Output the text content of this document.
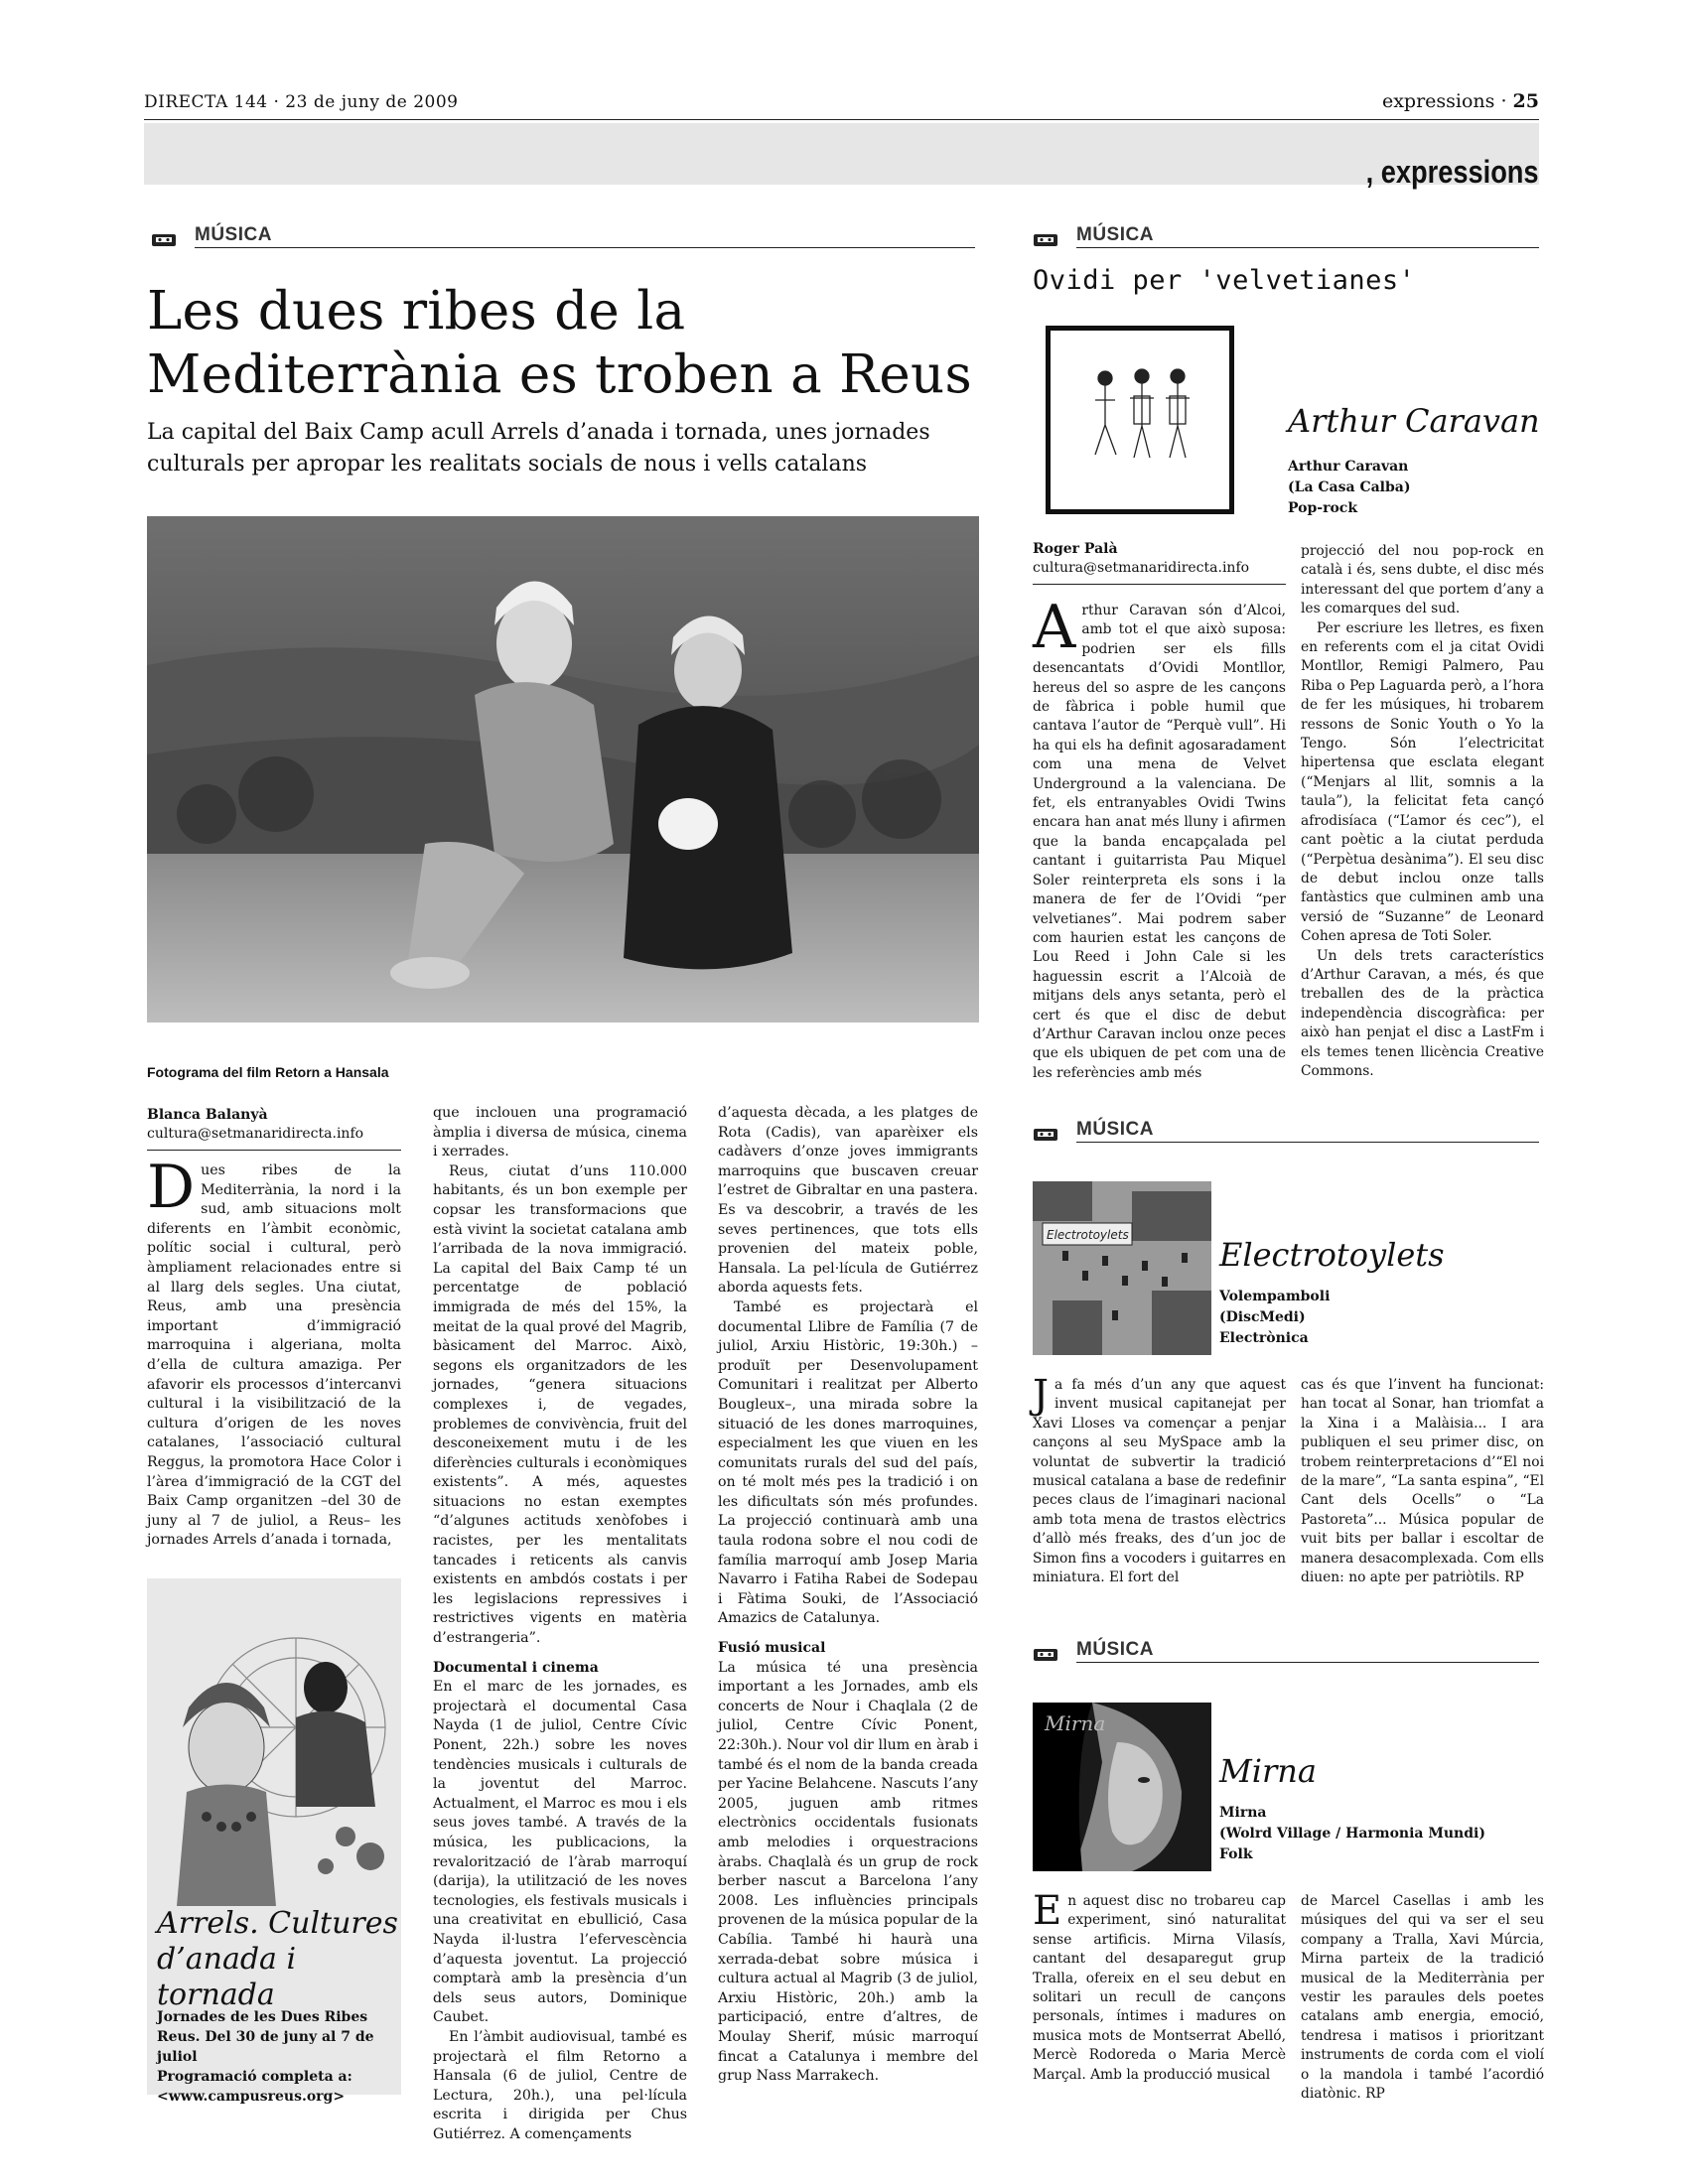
DIRECTA 144 · 23 de juny de 2009	expressions · 25
, expressions
MÚSICA	MÚSICA
MÚSICA
MÚSICA
Les dues ribes de la Mediterrània es troben a Reus
La capital del Baix Camp acull Arrels d’anada i tornada, unes jornades culturals per apropar les realitats socials de nous i vells catalans
Fotograma del film Retorn a Hansala
Blanca Balanyà
cultura@setmanaridirecta.info

Dues ribes de la Mediterrània, la nord i la sud, amb situacions molt diferents en l’àmbit econòmic, polític social i cultural, però àmpliament relacionades entre si al llarg dels segles. Una ciutat, Reus, amb una presència important d’immigració marroquina i algeriana, molta d’ella de cultura amaziga. Per afavorir els processos d’intercanvi cultural i la visibilització de la cultura d’origen de les noves catalanes, l’associació cultural Reggus, la promotora Hace Color i l’àrea d’immigració de la CGT del Baix Camp organitzen –del 30 de juny al 7 de juliol, a Reus– les jornades Arrels d’anada i tornada,

que inclouen una programació àmplia i diversa de música, cinema i xerrades.

Reus, ciutat d’uns 110.000 habitants, és un bon exemple per copsar les transformacions que està vivint la societat catalana amb l’arribada de la nova immigració. La capital del Baix Camp té un percentatge de població immigrada de més del 15%, la meitat de la qual prové del Magrib, bàsicament del Marroc. Això, segons els organitzadors de les jornades, “genera situacions complexes i, de vegades, problemes de convivència, fruit del desconeixement mutu i de les diferències culturals i econòmiques existents”. A més, aquestes situacions no estan exemptes “d’algunes actituds xenòfobes i racistes, per les mentalitats tancades i reticents als canvis existents en ambdós costats i per les legislacions repressives i restrictives vigents en matèria d’estrangeria”.

Documental i cinema

En el marc de les jornades, es projectarà el documental Casa Nayda (1 de juliol, Centre Cívic Ponent, 22h.) sobre les noves tendències musicals i culturals de la joventut del Marroc. Actualment, el Marroc es mou i els seus joves també. A través de la música, les publicacions, la revalorització de l’àrab marroquí (darija), la utilització de les noves tecnologies, els festivals musicals i una creativitat en ebullició, Casa Nayda il·lustra l’efervescència d’aquesta joventut. La projecció comptarà amb la presència d’un dels seus autors, Dominique Caubet.

En l’àmbit audiovisual, també es projectarà el film Retorno a Hansala (6 de juliol, Centre de Lectura, 20h.), una pel·lícula escrita i dirigida per Chus Gutiérrez. A començaments

d’aquesta dècada, a les platges de Rota (Cadis), van aparèixer els cadàvers d’onze joves immigrants marroquins que buscaven creuar l’estret de Gibraltar en una pastera. Es va descobrir, a través de les seves pertinences, que tots ells provenien del mateix poble, Hansala. La pel·lícula de Gutiérrez aborda aquests fets.

També es projectarà el documental Llibre de Família (7 de juliol, Arxiu Històric, 19:30h.) –produït per Desenvolupament Comunitari i realitzat per Alberto Bougleux–, una mirada sobre la situació de les dones marroquines, especialment les que viuen en les comunitats rurals del sud del país, on té molt més pes la tradició i on les dificultats són més profundes. La projecció continuarà amb una taula rodona sobre el nou codi de família marroquí amb Josep Maria Navarro i Fatiha Rabei de Sodepau i Fàtima Souki, de l’Associació Amazics de Catalunya.

Fusió musical

La música té una presència important a les Jornades, amb els concerts de Nour i Chaqlala (2 de juliol, Centre Cívic Ponent, 22:30h.). Nour vol dir llum en àrab i també és el nom de la banda creada per Yacine Belahcene. Nascuts l’any 2005, juguen amb ritmes electrònics occidentals fusionats amb melodies i orquestracions àrabs. Chaqlalà és un grup de rock berber nascut a Barcelona l’any 2008. Les influències principals provenen de la música popular de la Cabília. També hi haurà una xerrada-debat sobre música i cultura actual al Magrib (3 de juliol, Arxiu Històric, 20h.) amb la participació, entre d’altres, de Moulay Sherif, músic marroquí fincat a Catalunya i membre del grup Nass Marrakech.

Arrels. Cultures d’anada i tornada
Jornades de les Dues Ribes
Reus. Del 30 de juny al 7 de juliol
Programació completa a:
<www.campusreus.org>
Ovidi per 'velvetianes'
Arthur Caravan
Arthur Caravan
(La Casa Calba)
Pop-rock
Roger Palà
cultura@setmanaridirecta.info

Arthur Caravan són d’Alcoi, amb tot el que això suposa: podrien ser els fills desencantats d’Ovidi Montllor, hereus del so aspre de les cançons de fàbrica i poble humil que cantava l’autor de “Perquè vull”. Hi ha qui els ha definit agosaradament com una mena de Velvet Underground a la valenciana. De fet, els entranyables Ovidi Twins encara han anat més lluny i afirmen que la banda encapçalada pel cantant i guitarrista Pau Miquel Soler reinterpreta els sons i la manera de fer de l’Ovidi “per velvetianes”. Mai podrem saber com haurien estat les cançons de Lou Reed i John Cale si les haguessin escrit a l’Alcoià de mitjans dels anys setanta, però el cert és que el disc de debut d’Arthur Caravan inclou onze peces que els ubiquen de pet com una de les referències amb més

projecció del nou pop-rock en català i és, sens dubte, el disc més interessant del que portem d’any a les comarques del sud.

Per escriure les lletres, es fixen en referents com el ja citat Ovidi Montllor, Remigi Palmero, Pau Riba o Pep Laguarda però, a l’hora de fer les músiques, hi trobarem ressons de Sonic Youth o Yo la Tengo. Són l’electricitat hipertensa que esclata elegant (“Menjars al llit, somnis a la taula”), la felicitat feta cançó afrodisíaca (“L’amor és cec”), el cant poètic a la ciutat perduda (“Perpètua desànima”). El seu disc de debut inclou onze talls fantàstics que culminen amb una versió de “Suzanne” de Leonard Cohen apresa de Toti Soler.

Un dels trets característics d’Arthur Caravan, a més, és que treballen des de la pràctica independència discogràfica: per això han penjat el disc a LastFm i els temes tenen llicència Creative Commons.

Electrotoylets
Electrotoylets
Volempamboli
(DiscMedi)
Electrònica

Ja fa més d’un any que aquest invent musical capitanejat per Xavi Lloses va començar a penjar cançons al seu MySpace amb la voluntat de subvertir la tradició musical catalana a base de redefinir peces claus de l’imaginari nacional amb tota mena de trastos elèctrics d’allò més freaks, des d’un joc de Simon fins a vocoders i guitarres en miniatura. El fort del

cas és que l’invent ha funcionat: han tocat al Sonar, han triomfat a la Xina i a Malàisia... I ara publiquen el seu primer disc, on trobem reinterpretacions d’“El noi de la mare”, “La santa espina”, “El Cant dels Ocells” o “La Pastoreta”... Música popular de vuit bits per ballar i escoltar de manera desacomplexada. Com ells diuen: no apte per patriòtils. RP

Mirna
Mirna
Mirna
(Wolrd Village / Harmonia Mundi)
Folk

En aquest disc no trobareu cap experiment, sinó naturalitat sense artificis. Mirna Vilasís, cantant del desaparegut grup Tralla, ofereix en el seu debut en solitari un recull de cançons personals, íntimes i madures on musica mots de Montserrat Abelló, Mercè Rodoreda o Maria Mercè Marçal. Amb la producció musical

de Marcel Casellas i amb les músiques del qui va ser el seu company a Tralla, Xavi Múrcia, Mirna parteix de la tradició musical de la Mediterrània per vestir les paraules dels poetes catalans amb energia, emoció, tendresa i matisos i prioritzant instruments de corda com el violí o la mandola i també l’acordió diatònic. RP
